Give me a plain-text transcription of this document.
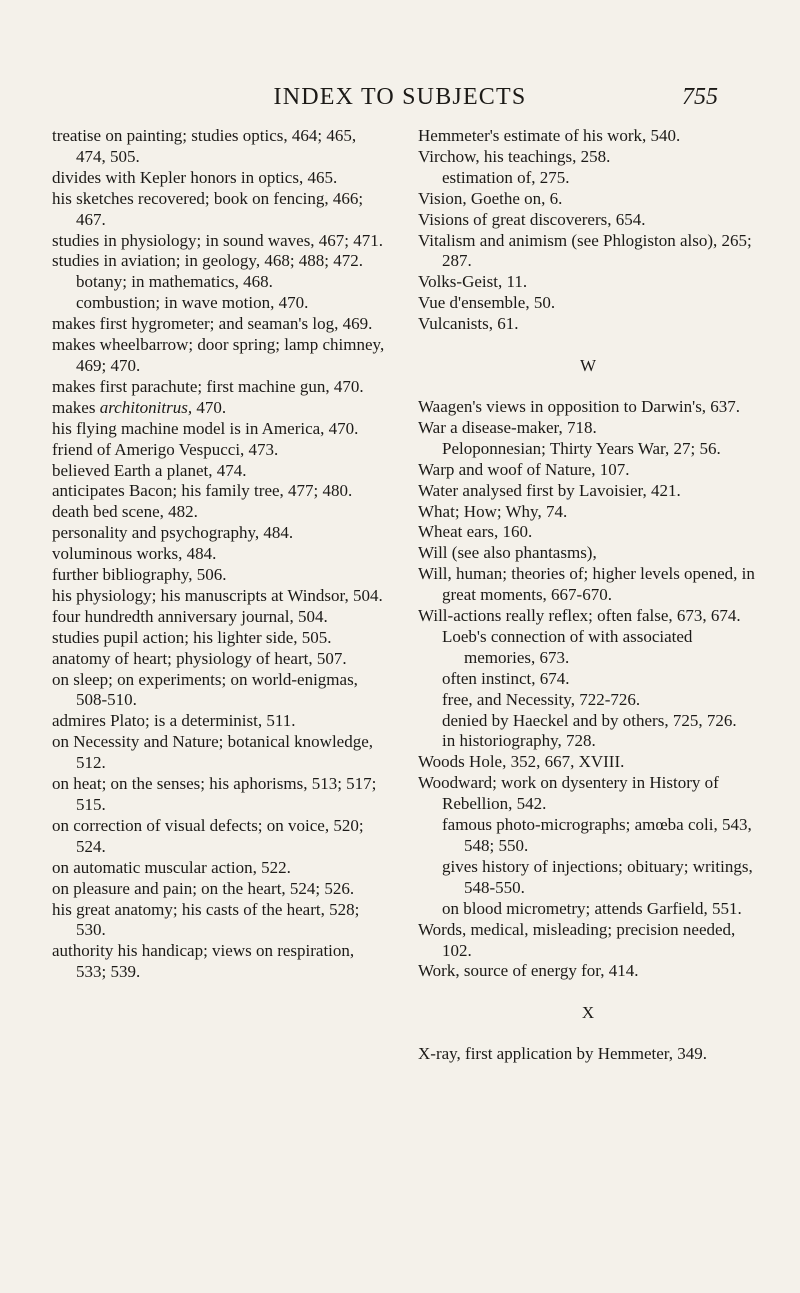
INDEX TO SUBJECTS	755

treatise on painting; studies optics, 464; 465, 474, 505.

divides with Kepler honors in optics, 465.

his sketches recovered; book on fencing, 466; 467.

studies in physiology; in sound waves, 467; 471.

studies in aviation; in geology, 468; 488; 472.

botany; in mathematics, 468.

combustion; in wave motion, 470.

makes first hygrometer; and seaman's log, 469.

makes wheelbarrow; door spring; lamp chimney, 469; 470.

makes first parachute; first machine gun, 470.

makes architonitrus, 470.

his flying machine model is in America, 470.

friend of Amerigo Vespucci, 473.

believed Earth a planet, 474.

anticipates Bacon; his family tree, 477; 480.

death bed scene, 482.

personality and psychography, 484.

voluminous works, 484.

further bibliography, 506.

his physiology; his manuscripts at Windsor, 504.

four hundredth anniversary journal, 504.

studies pupil action; his lighter side, 505.

anatomy of heart; physiology of heart, 507.

on sleep; on experiments; on world-enigmas, 508-510.

admires Plato; is a determinist, 511.

on Necessity and Nature; botanical knowledge, 512.

on heat; on the senses; his aphorisms, 513; 517; 515.

on correction of visual defects; on voice, 520; 524.

on automatic muscular action, 522.

on pleasure and pain; on the heart, 524; 526.

his great anatomy; his casts of the heart, 528; 530.

authority his handicap; views on respiration, 533; 539.

Hemmeter's estimate of his work, 540.

Virchow, his teachings, 258.

estimation of, 275.

Vision, Goethe on, 6.

Visions of great discoverers, 654.

Vitalism and animism (see Phlogiston also), 265; 287.

Volks-Geist, 11.

Vue d'ensemble, 50.

Vulcanists, 61.

W

Waagen's views in opposition to Darwin's, 637.

War a disease-maker, 718.

Peloponnesian; Thirty Years War, 27; 56.

Warp and woof of Nature, 107.

Water analysed first by Lavoisier, 421.

What; How; Why, 74.

Wheat ears, 160.

Will (see also phantasms),

Will, human; theories of; higher levels opened, in great moments, 667-670.

Will-actions really reflex; often false, 673, 674.

Loeb's connection of with associated memories, 673.

often instinct, 674.

free, and Necessity, 722-726.

denied by Haeckel and by others, 725, 726.

in historiography, 728.

Woods Hole, 352, 667, XVIII.

Woodward; work on dysentery in History of Rebellion, 542.

famous photo-micrographs; amœba coli, 543, 548; 550.

gives history of injections; obituary; writings, 548-550.

on blood micrometry; attends Garfield, 551.

Words, medical, misleading; precision needed, 102.

Work, source of energy for, 414.

X

X-ray, first application by Hemmeter, 349.
